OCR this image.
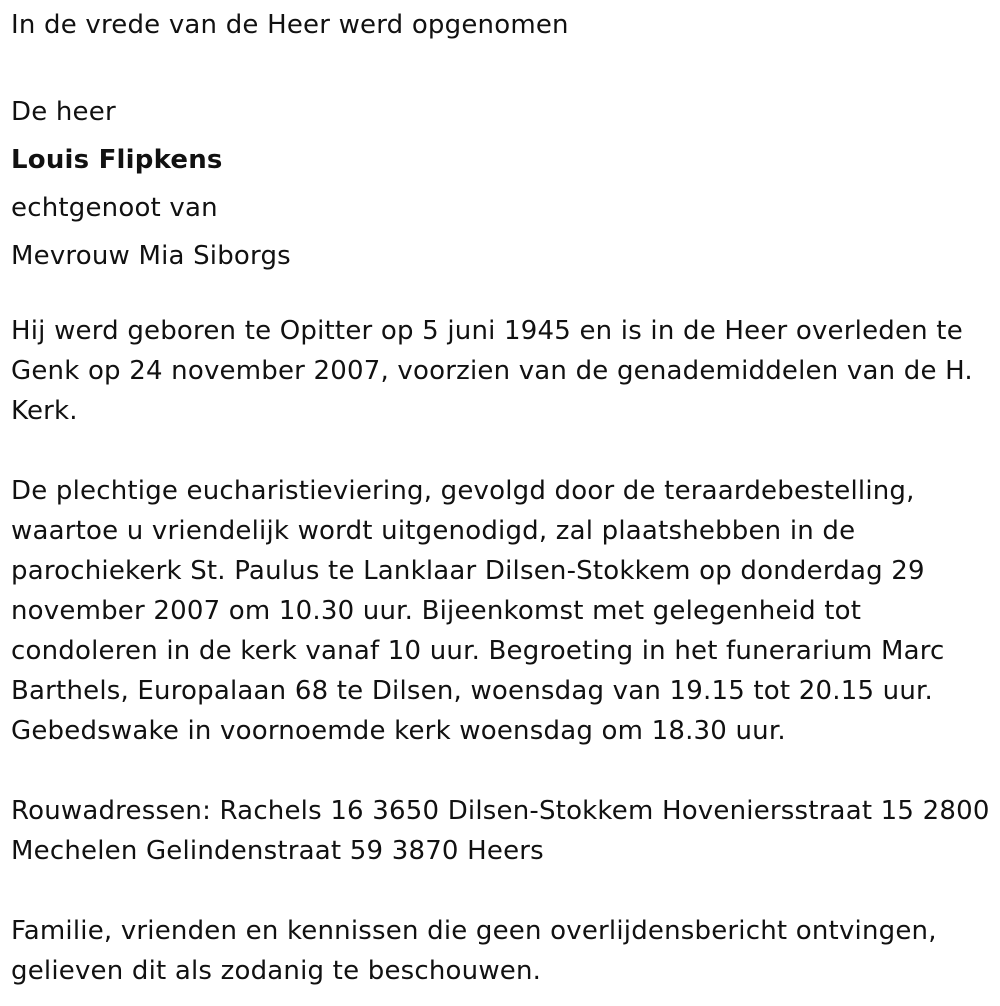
In de vrede van de Heer werd opgenomen

De heer

Louis Flipkens

echtgenoot van

Mevrouw Mia Siborgs

Hij werd geboren te Opitter op 5 juni 1945 en is in de Heer overleden te Genk op 24 november 2007, voorzien van de genademiddelen van de H. Kerk.

De plechtige eucharistieviering, gevolgd door de teraardebestelling, waartoe u vriendelijk wordt uitgenodigd, zal plaatshebben in de parochiekerk St. Paulus te Lanklaar Dilsen-Stokkem op donderdag 29 november 2007 om 10.30 uur. Bijeenkomst met gelegenheid tot condoleren in de kerk vanaf 10 uur. Begroeting in het funerarium Marc Barthels, Europalaan 68 te Dilsen, woensdag van 19.15 tot 20.15 uur. Gebedswake in voornoemde kerk woensdag om 18.30 uur.

Rouwadressen: Rachels 16 3650 Dilsen-Stokkem Hoveniersstraat 15 2800 Mechelen Gelindenstraat 59 3870 Heers

Familie, vrienden en kennissen die geen overlijdensbericht ontvingen, gelieven dit als zodanig te beschouwen.
